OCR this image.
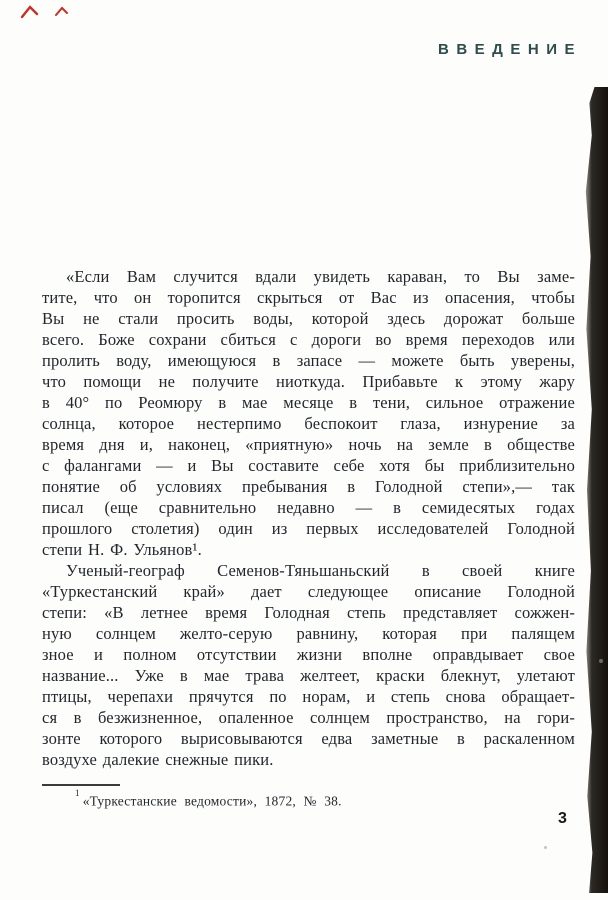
ВВЕДЕНИЕ
«Если Вам случится вдали увидеть караван, то Вы заме-
тите, что он торопится скрыться от Вас из опасения, чтобы
Вы не стали просить воды, которой здесь дорожат больше
всего. Боже сохрани сбиться с дороги во время переходов или
пролить воду, имеющуюся в запасе — можете быть уверены,
что помощи не получите ниоткуда. Прибавьте к этому жару
в 40° по Реомюру в мае месяце в тени, сильное отражение
солнца, которое нестерпимо беспокоит глаза, изнурение за
время дня и, наконец, «приятную» ночь на земле в обществе
с фалангами — и Вы составите себе хотя бы приблизительно
понятие об условиях пребывания в Голодной степи»,— так
писал (еще сравнительно недавно — в семидесятых годах
прошлого столетия) один из первых исследователей Голодной
степи Н. Ф. Ульянов¹.
Ученый-географ Семенов-Тяньшаньский в своей книге
«Туркестанский край» дает следующее описание Голодной
степи: «В летнее время Голодная степь представляет сожжен-
ную солнцем желто-серую равнину, которая при палящем
зное и полном отсутствии жизни вполне оправдывает свое
название... Уже в мае трава желтеет, краски блекнут, улетают
птицы, черепахи прячутся по норам, и степь снова обращает-
ся в безжизненное, опаленное солнцем пространство, на гори-
зонте которого вырисовываются едва заметные в раскаленном
воздухе далекие снежные пики.
$^1$«Туркестанские ведомости», 1872, № 38.
3
